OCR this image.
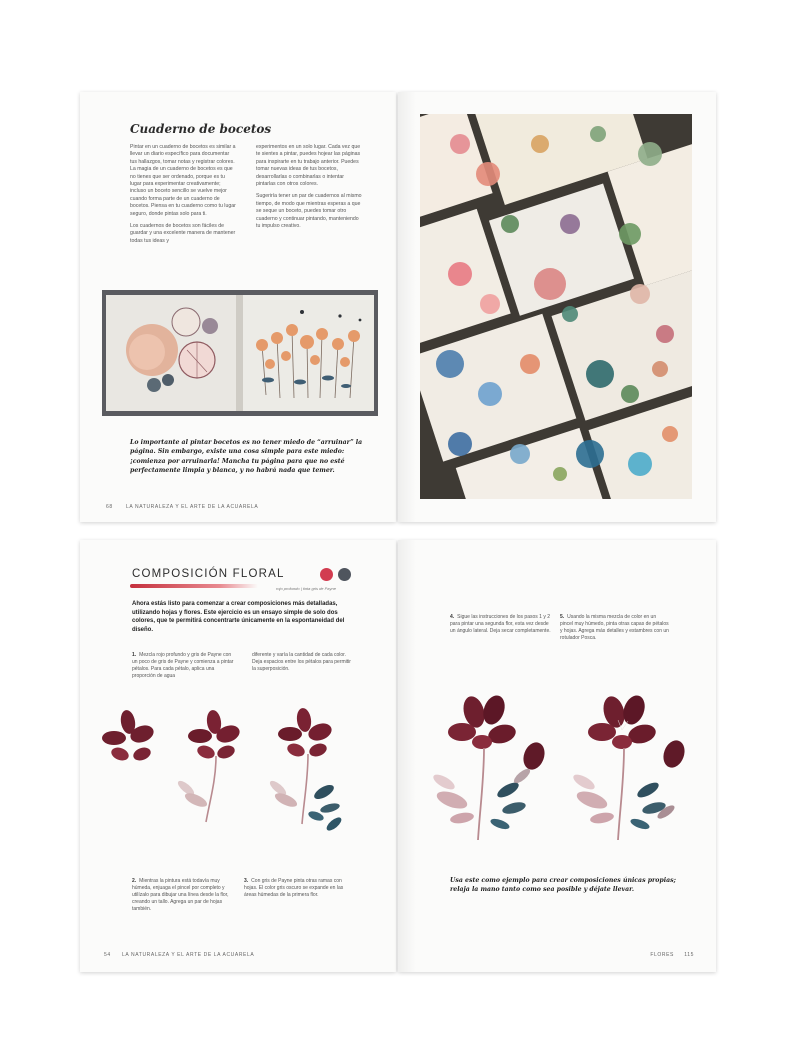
Cuaderno de bocetos

Pintar en un cuaderno de bocetos es similar a llevar un diario específico para documentar tus hallazgos, tomar notas y registrar colores. La magia de un cuaderno de bocetos es que no tienes que ser ordenado, porque es tu lugar para experimentar creativamente; incluso un boceto sencillo se vuelve mejor cuando forma parte de un cuaderno de bocetos. Piensa en tu cuaderno como tu lugar seguro, donde pintas solo para ti.

Los cuadernos de bocetos son fáciles de guardar y una excelente manera de mantener todas tus ideas y

experimentos en un solo lugar. Cada vez que te sientes a pintar, puedes hojear las páginas para inspirarte en tu trabajo anterior. Puedes tomar nuevas ideas de tus bocetos, desarrollarlas o combinarlas o intentar pintarlas con otros colores.

Sugeriría tener un par de cuadernos al mismo tiempo, de modo que mientras esperas a que se seque un boceto, puedes tomar otro cuaderno y continuar pintando, manteniendo tu impulso creativo.

Lo importante al pintar bocetos es no tener miedo de “arruinar” la página. Sin embargo, existe una cosa simple para este miedo: ¡comienza por arruinarla! Mancha tu página para que no esté perfectamente limpia y blanca, y no habrá nada que temer.
68	LA NATURALEZA Y EL ARTE DE LA ACUARELA
COMPOSICIÓN FLORAL
rojo profundo | tinta gris de Payne
Ahora estás listo para comenzar a crear composiciones más detalladas, utilizando hojas y flores. Este ejercicio es un ensayo simple de solo dos colores, que te permitirá concentrarte únicamente en la espontaneidad del diseño.
1. Mezcla rojo profundo y gris de Payne con un poco de gris de Payne y comienza a pintar pétalos. Para cada pétalo, aplica una proporción de agua
diferente y varía la cantidad de cada color. Deja espacios entre los pétalos para permitir la superposición.
2. Mientras la pintura está todavía muy húmeda, enjuaga el pincel por completo y utilízalo para dibujar una línea desde la flor, creando un tallo. Agrega un par de hojas también.
3. Con gris de Payne pinta otras ramas con hojas. El color gris oscuro se expande en las áreas húmedas de la primera flor.
54 LA NATURALEZA Y EL ARTE DE LA ACUARELA
4. Sigue las instrucciones de los pasos 1 y 2 para pintar una segunda flor, esta vez desde un ángulo lateral. Deja secar completamente.
5. Usando la misma mezcla de color en un pincel muy húmedo, pinta otras capas de pétalos y hojas. Agrega más detalles y estambres con un rotulador Posca.
Usa este como ejemplo para crear composiciones únicas propias; relaja la mano tanto como sea posible y déjate llevar.
FLORES 115
